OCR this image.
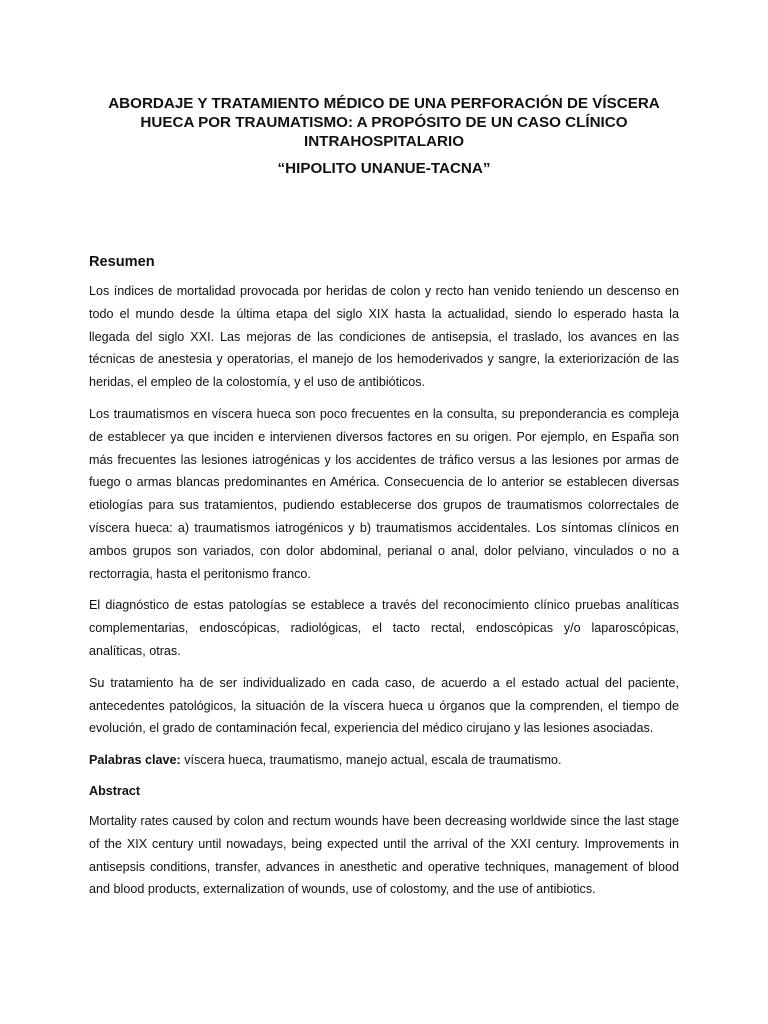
ABORDAJE Y TRATAMIENTO MÉDICO DE UNA PERFORACIÓN DE VÍSCERA HUECA POR TRAUMATISMO: A PROPÓSITO DE UN CASO CLÍNICO INTRAHOSPITALARIO
“HIPOLITO UNANUE-TACNA”
Resumen

Los índices de mortalidad provocada por heridas de colon y recto han venido teniendo un descenso en todo el mundo desde la última etapa del siglo XIX hasta la actualidad, siendo lo esperado hasta la llegada del siglo XXI. Las mejoras de las condiciones de antisepsia, el traslado, los avances en las técnicas de anestesia y operatorias, el manejo de los hemoderivados y sangre, la exteriorización de las heridas, el empleo de la colostomía, y el uso de antibióticos.

Los traumatismos en víscera hueca son poco frecuentes en la consulta, su preponderancia es compleja de establecer ya que inciden e intervienen diversos factores en su origen. Por ejemplo, en España son más frecuentes las lesiones iatrogénicas y los accidentes de tráfico versus a las lesiones por armas de fuego o armas blancas predominantes en América. Consecuencia de lo anterior se establecen diversas etiologías para sus tratamientos, pudiendo establecerse dos grupos de traumatismos colorrectales de víscera hueca: a) traumatismos iatrogénicos y b) traumatismos accidentales. Los síntomas clínicos en ambos grupos son variados, con dolor abdominal, perianal o anal, dolor pelviano, vinculados o no a rectorragia, hasta el peritonismo franco.

El diagnóstico de estas patologías se establece a través del reconocimiento clínico pruebas analíticas complementarias, endoscópicas, radiológicas, el tacto rectal, endoscópicas y/o laparoscópicas, analíticas, otras.

Su tratamiento ha de ser individualizado en cada caso, de acuerdo a el estado actual del paciente, antecedentes patológicos, la situación de la víscera hueca u órganos que la comprenden, el tiempo de evolución, el grado de contaminación fecal, experiencia del médico cirujano y las lesiones asociadas.

Palabras clave: víscera hueca, traumatismo, manejo actual, escala de traumatismo.

Abstract

Mortality rates caused by colon and rectum wounds have been decreasing worldwide since the last stage of the XIX century until nowadays, being expected until the arrival of the XXI century. Improvements in antisepsis conditions, transfer, advances in anesthetic and operative techniques, management of blood and blood products, externalization of wounds, use of colostomy, and the use of antibiotics.
